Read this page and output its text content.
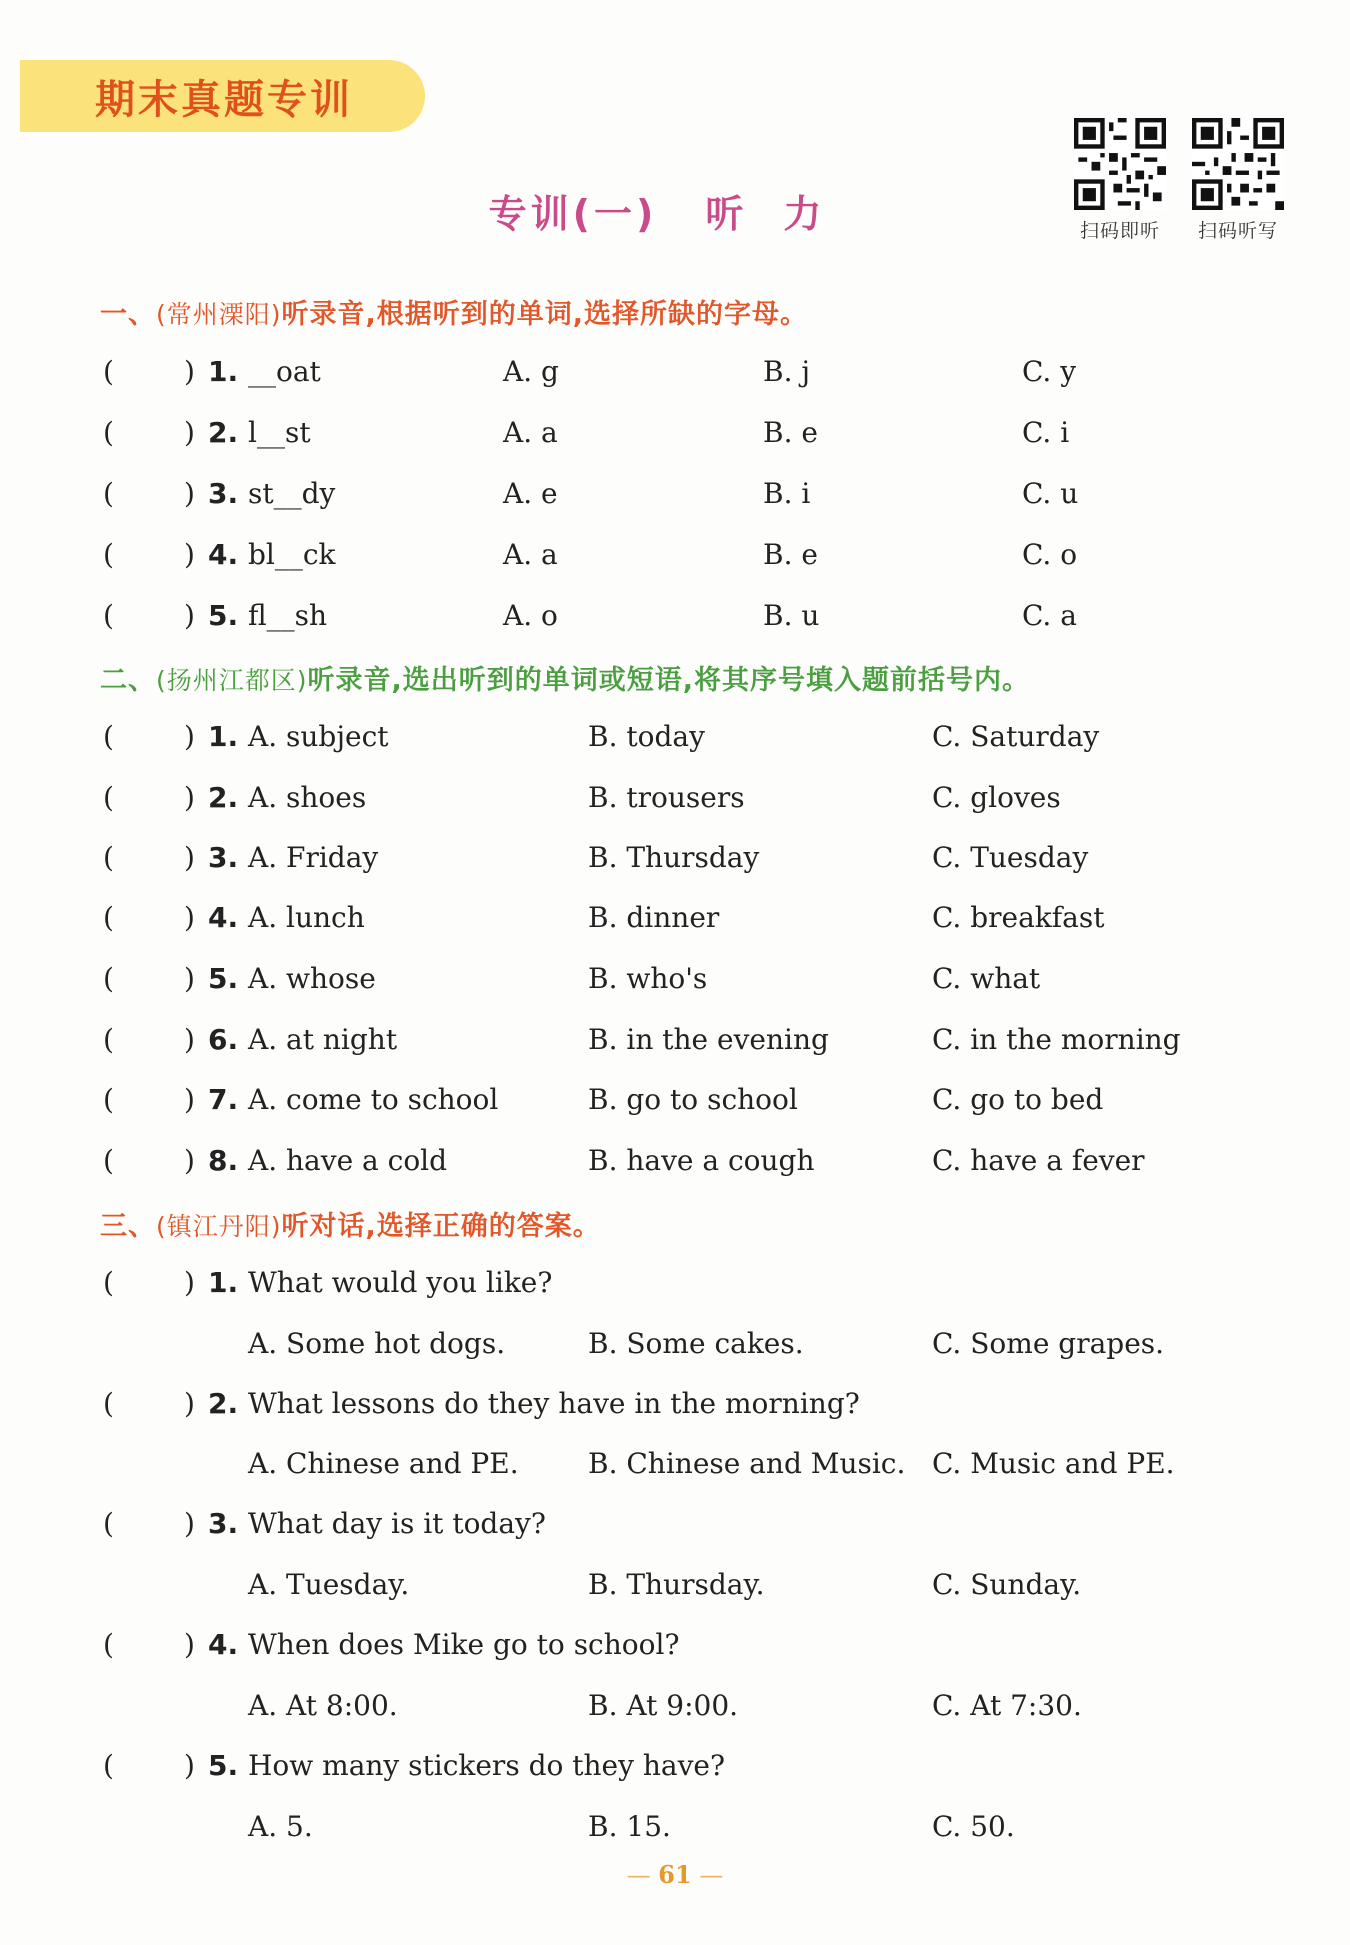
期末真题专训
专训(一) 听力	扫码即听	扫码听写
一、(常州溧阳)听录音,根据听到的单词,选择所缺的字母。
(	) 1. __oat	A. g	B. j	C. y
(	) 2. l__st	A. a	B. e	C. i
(	) 3. st__dy	A. e	B. i	C. u
(	) 4. bl__ck	A. a	B. e	C. o
(	) 5. fl__sh	A. o	B. u	C. a
二、(扬州江都区)听录音,选出听到的单词或短语,将其序号填入题前括号内。
(	) 1. A. subject	B. today	C. Saturday
(	) 2. A. shoes	B. trousers	C. gloves
(	) 3. A. Friday	B. Thursday	C. Tuesday
(	) 4. A. lunch	B. dinner	C. breakfast
(	) 5. A. whose	B. who's	C. what
(	) 6. A. at night	B. in the evening	C. in the morning
(	) 7. A. come to school	B. go to school	C. go to bed
(	) 8. A. have a cold	B. have a cough	C. have a fever
三、(镇江丹阳)听对话,选择正确的答案。
(	) 1. What would you like?
A. Some hot dogs.	B. Some cakes.	C. Some grapes.
(	) 2. What lessons do they have in the morning?
A. Chinese and PE. B. Chinese and Music. C. Music and PE.
(	) 3. What day is it today?
A. Tuesday.	B. Thursday.	C. Sunday.
(	) 4. When does Mike go to school?
A. At 8:00.	B. At 9:00.	C. At 7:30.
(	) 5. How many stickers do they have?
A. 5.	B. 15.	C. 50.
— 61 —
